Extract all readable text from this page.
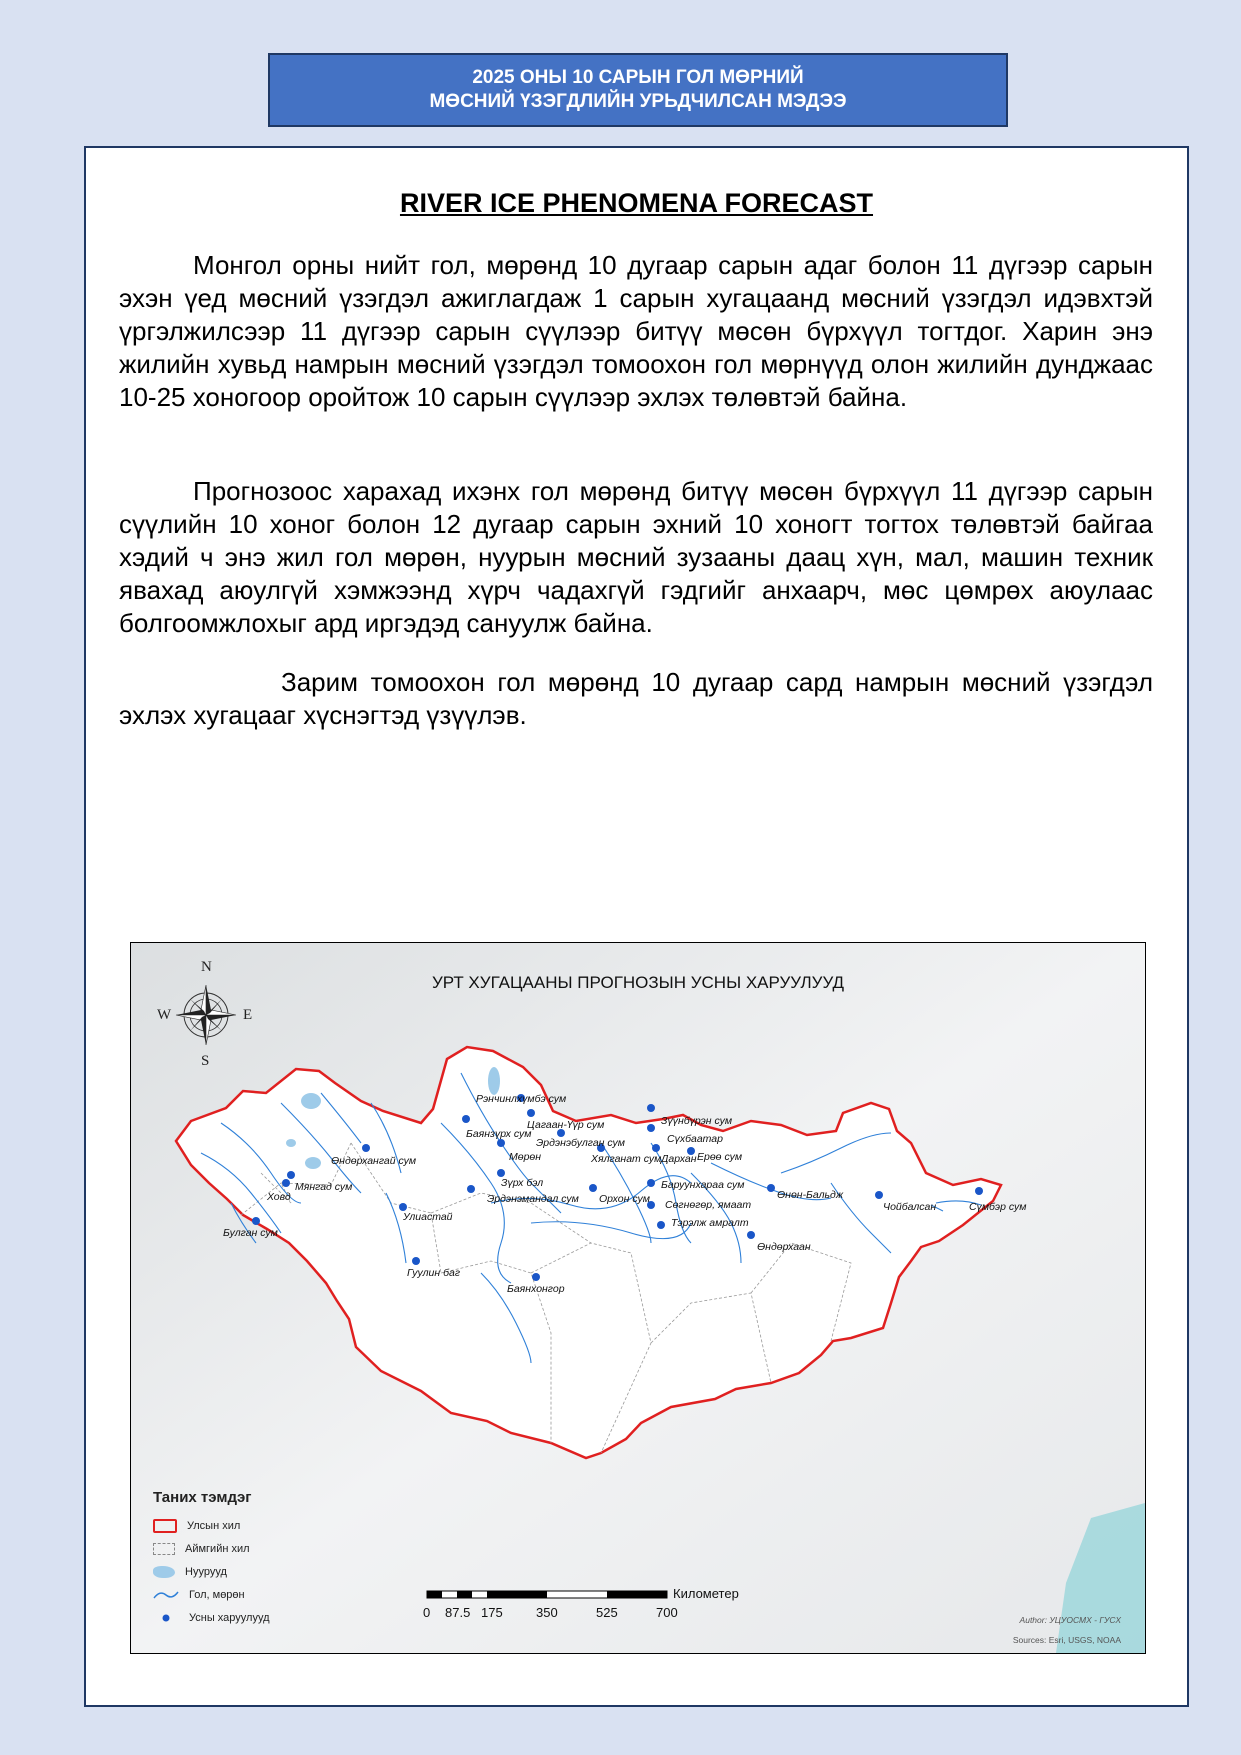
2025 ОНЫ 10 САРЫН ГОЛ МӨРНИЙ
МӨСНИЙ ҮЗЭГДЛИЙН УРЬДЧИЛСАН МЭДЭЭ
RIVER ICE PHENOMENA FORECAST

Монгол орны нийт гол, мөрөнд 10 дугаар сарын адаг болон 11 дүгээр сарын эхэн үед мөсний үзэгдэл ажиглагдаж 1 сарын хугацаанд мөсний үзэгдэл идэвхтэй үргэлжилсээр 11 дүгээр сарын сүүлээр битүү мөсөн бүрхүүл тогтдог. Харин энэ жилийн хувьд намрын мөсний үзэгдэл томоохон гол мөрнүүд олон жилийн дунджаас 10-25 хоногоор оройтож 10 сарын сүүлээр эхлэх төлөвтэй байна.

Прогнозоос харахад ихэнх гол мөрөнд битүү мөсөн бүрхүүл 11 дүгээр сарын сүүлийн 10 хоног болон 12 дугаар сарын эхний 10 хоногт тогтох төлөвтэй байгаа хэдий ч энэ жил гол мөрөн, нуурын мөсний зузааны даац хүн, мал, машин техник явахад аюулгүй хэмжээнд хүрч чадахгүй гэдгийг анхаарч, мөс цөмрөх аюулаас болгоомжлохыг ард иргэдэд сануулж байна.

Зарим томоохон гол мөрөнд 10 дугаар сард намрын мөсний үзэгдэл эхлэх хугацааг хүснэгтэд үзүүлэв.

УРТ ХУГАЦААНЫ ПРОГНОЗЫН УСНЫ ХАРУУЛУУД
N
S
E
W
Рэнчинлхүмбэ сум
Цагаан-Үүр сум	Зүүнбүрэн сум
Баянзүрх сум
Эрдэнэбулган сум	Сүхбаатар
Өндөрхангай сум	Мөрөн	Хялганат сум Дархан Ерөө сум
Ховд
Мянгад сум	Зүрх бэл
Орхон сум
Баруунхараа сум
Өнөн-Бальдж
Чойбалсан	Сүмбэр сум
Улиастай
Эрдэнэмандал сум	Сөгнөгөр, ямаат
Тэрэлж амралт
Булган сум
Өндөрхаан
Гуулин баг
Баянхонгор
Таних тэмдэг
Улсын хил
Аймгийн хил
Нуурууд
Гол, мөрөн
Усны харуулууд	0 87.5 175	350	525	700
Километер
Author: УЦУОСМХ - ГУСХ
Sources: Esri, USGS, NOAA
